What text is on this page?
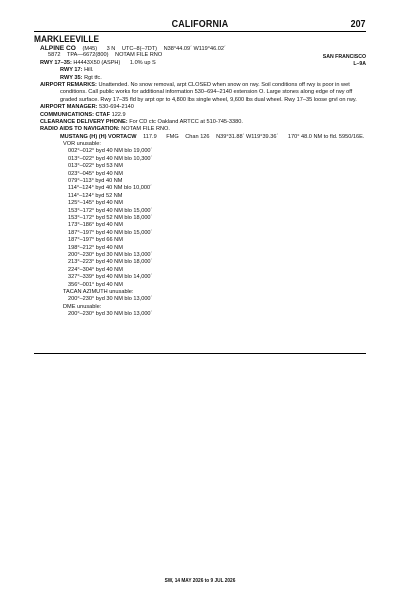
CALIFORNIA	207
MARKLEEVILLE
SAN FRANCISCO
L–9A
ALPINE CO (M45) 3 N UTC–8(–7DT) N38°44.09´ W119°46.02´
5872 TPA—6672(800) NOTAM FILE RNO
RWY 17–35: H4443X50 (ASPH) 1.0% up S
RWY 17: Hill.
RWY 35: Rgt tfc.
AIRPORT REMARKS: Unattended. No snow removal, arpt CLOSED when snow on rwy. Soil conditions off rwy is poor in wet
conditions. Call public works for additional information 530–694–2140 extension O. Large stones along edge of rwy off
graded surface. Rwy 17–35 fld by arpt opr to 4,800 lbs single wheel, 9,600 lbs dual wheel. Rwy 17–35 loose grvl on rwy.
AIRPORT MANAGER: 530-694-2140
COMMUNICATIONS: CTAF 122.9
CLEARANCE DELIVERY PHONE: For CD ctc Oakland ARTCC at 510-745-3380.
RADIO AIDS TO NAVIGATION: NOTAM FILE RNO.
MUSTANG (H) (H) VORTACW 117.9 FMG Chan 126 N39°31.88´ W119°39.36´ 170° 48.0 NM to fld. 5950/16E.
VOR unusable:
002°–012° byd 40 NM blo 19,000´
013°–022° byd 40 NM blo 10,300´
013°–022° byd 53 NM
023°–045° byd 40 NM
079°–113° byd 40 NM
114°–124° byd 40 NM blo 10,000´
114°–124° byd 52 NM
125°–145° byd 40 NM
153°–172° byd 40 NM blo 15,000´
153°–172° byd 52 NM blo 18,000´
173°–186° byd 40 NM
187°–197° byd 40 NM blo 15,000´
187°–197° byd 66 NM
198°–212° byd 40 NM
200°–230° byd 30 NM blo 13,000´
213°–223° byd 40 NM blo 18,000´
224°–304° byd 40 NM
327°–339° byd 40 NM blo 14,000´
356°–001° byd 40 NM
TACAN AZIMUTH unusable:
200°–230° byd 30 NM blo 13,000´
DME unusable:
200°–230° byd 30 NM blo 13,000´
SW, 14 MAY 2026 to 9 JUL 2026
